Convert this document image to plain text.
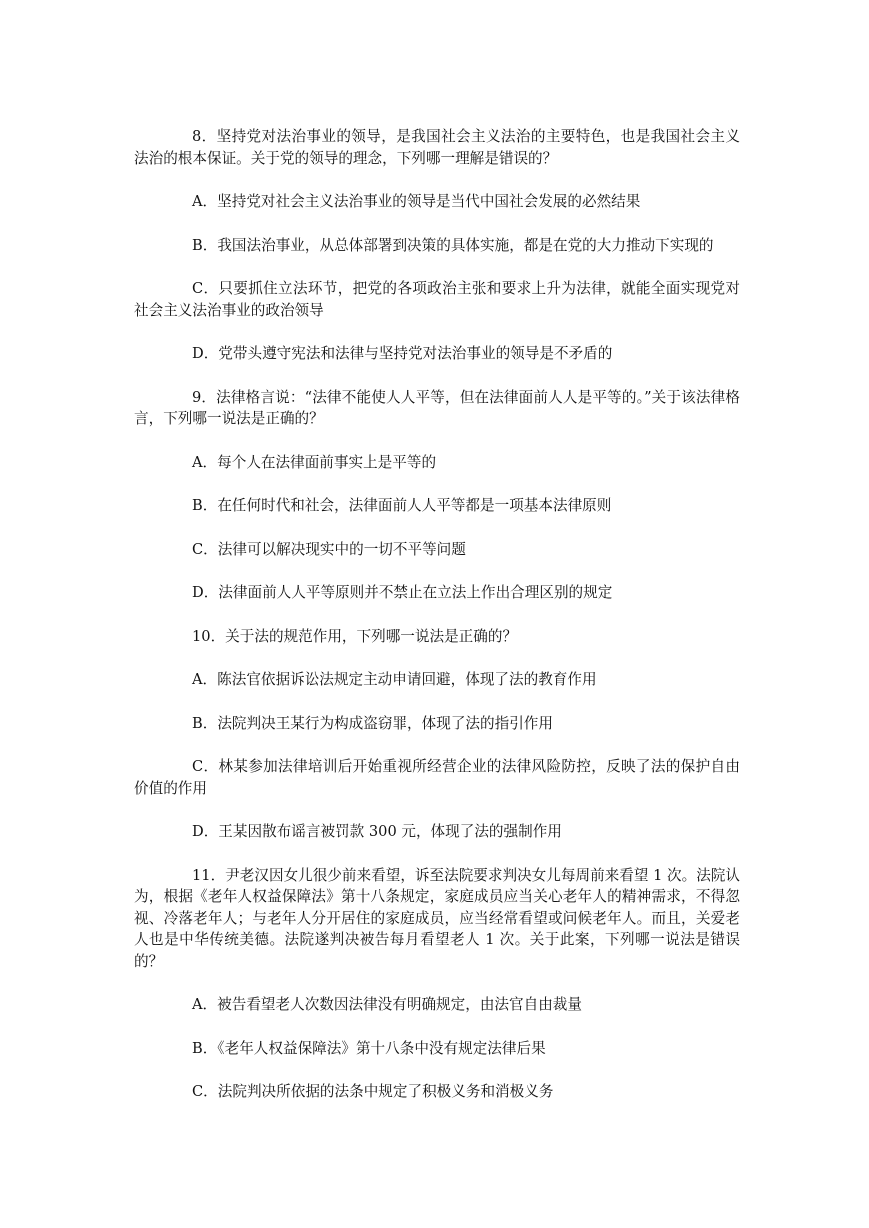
8．坚持党对法治事业的领导，是我国社会主义法治的主要特色，也是我国社会主义法治的根本保证。关于党的领导的理念，下列哪一理解是错误的？

A．坚持党对社会主义法治事业的领导是当代中国社会发展的必然结果

B．我国法治事业，从总体部署到决策的具体实施，都是在党的大力推动下实现的

C．只要抓住立法环节，把党的各项政治主张和要求上升为法律，就能全面实现党对社会主义法治事业的政治领导

D．党带头遵守宪法和法律与坚持党对法治事业的领导是不矛盾的

9．法律格言说：“法律不能使人人平等，但在法律面前人人是平等的。”关于该法律格言，下列哪一说法是正确的？

A．每个人在法律面前事实上是平等的

B．在任何时代和社会，法律面前人人平等都是一项基本法律原则

C．法律可以解决现实中的一切不平等问题

D．法律面前人人平等原则并不禁止在立法上作出合理区别的规定

10．关于法的规范作用，下列哪一说法是正确的？

A．陈法官依据诉讼法规定主动申请回避，体现了法的教育作用

B．法院判决王某行为构成盗窃罪，体现了法的指引作用

C．林某参加法律培训后开始重视所经营企业的法律风险防控，反映了法的保护自由价值的作用

D．王某因散布谣言被罚款 300 元，体现了法的强制作用

11．尹老汉因女儿很少前来看望，诉至法院要求判决女儿每周前来看望 1 次。法院认为，根据《老年人权益保障法》第十八条规定，家庭成员应当关心老年人的精神需求，不得忽视、冷落老年人；与老年人分开居住的家庭成员，应当经常看望或问候老年人。而且，关爱老人也是中华传统美德。法院遂判决被告每月看望老人 1 次。关于此案，下列哪一说法是错误的？

A．被告看望老人次数因法律没有明确规定，由法官自由裁量

B．《老年人权益保障法》第十八条中没有规定法律后果

C．法院判决所依据的法条中规定了积极义务和消极义务
